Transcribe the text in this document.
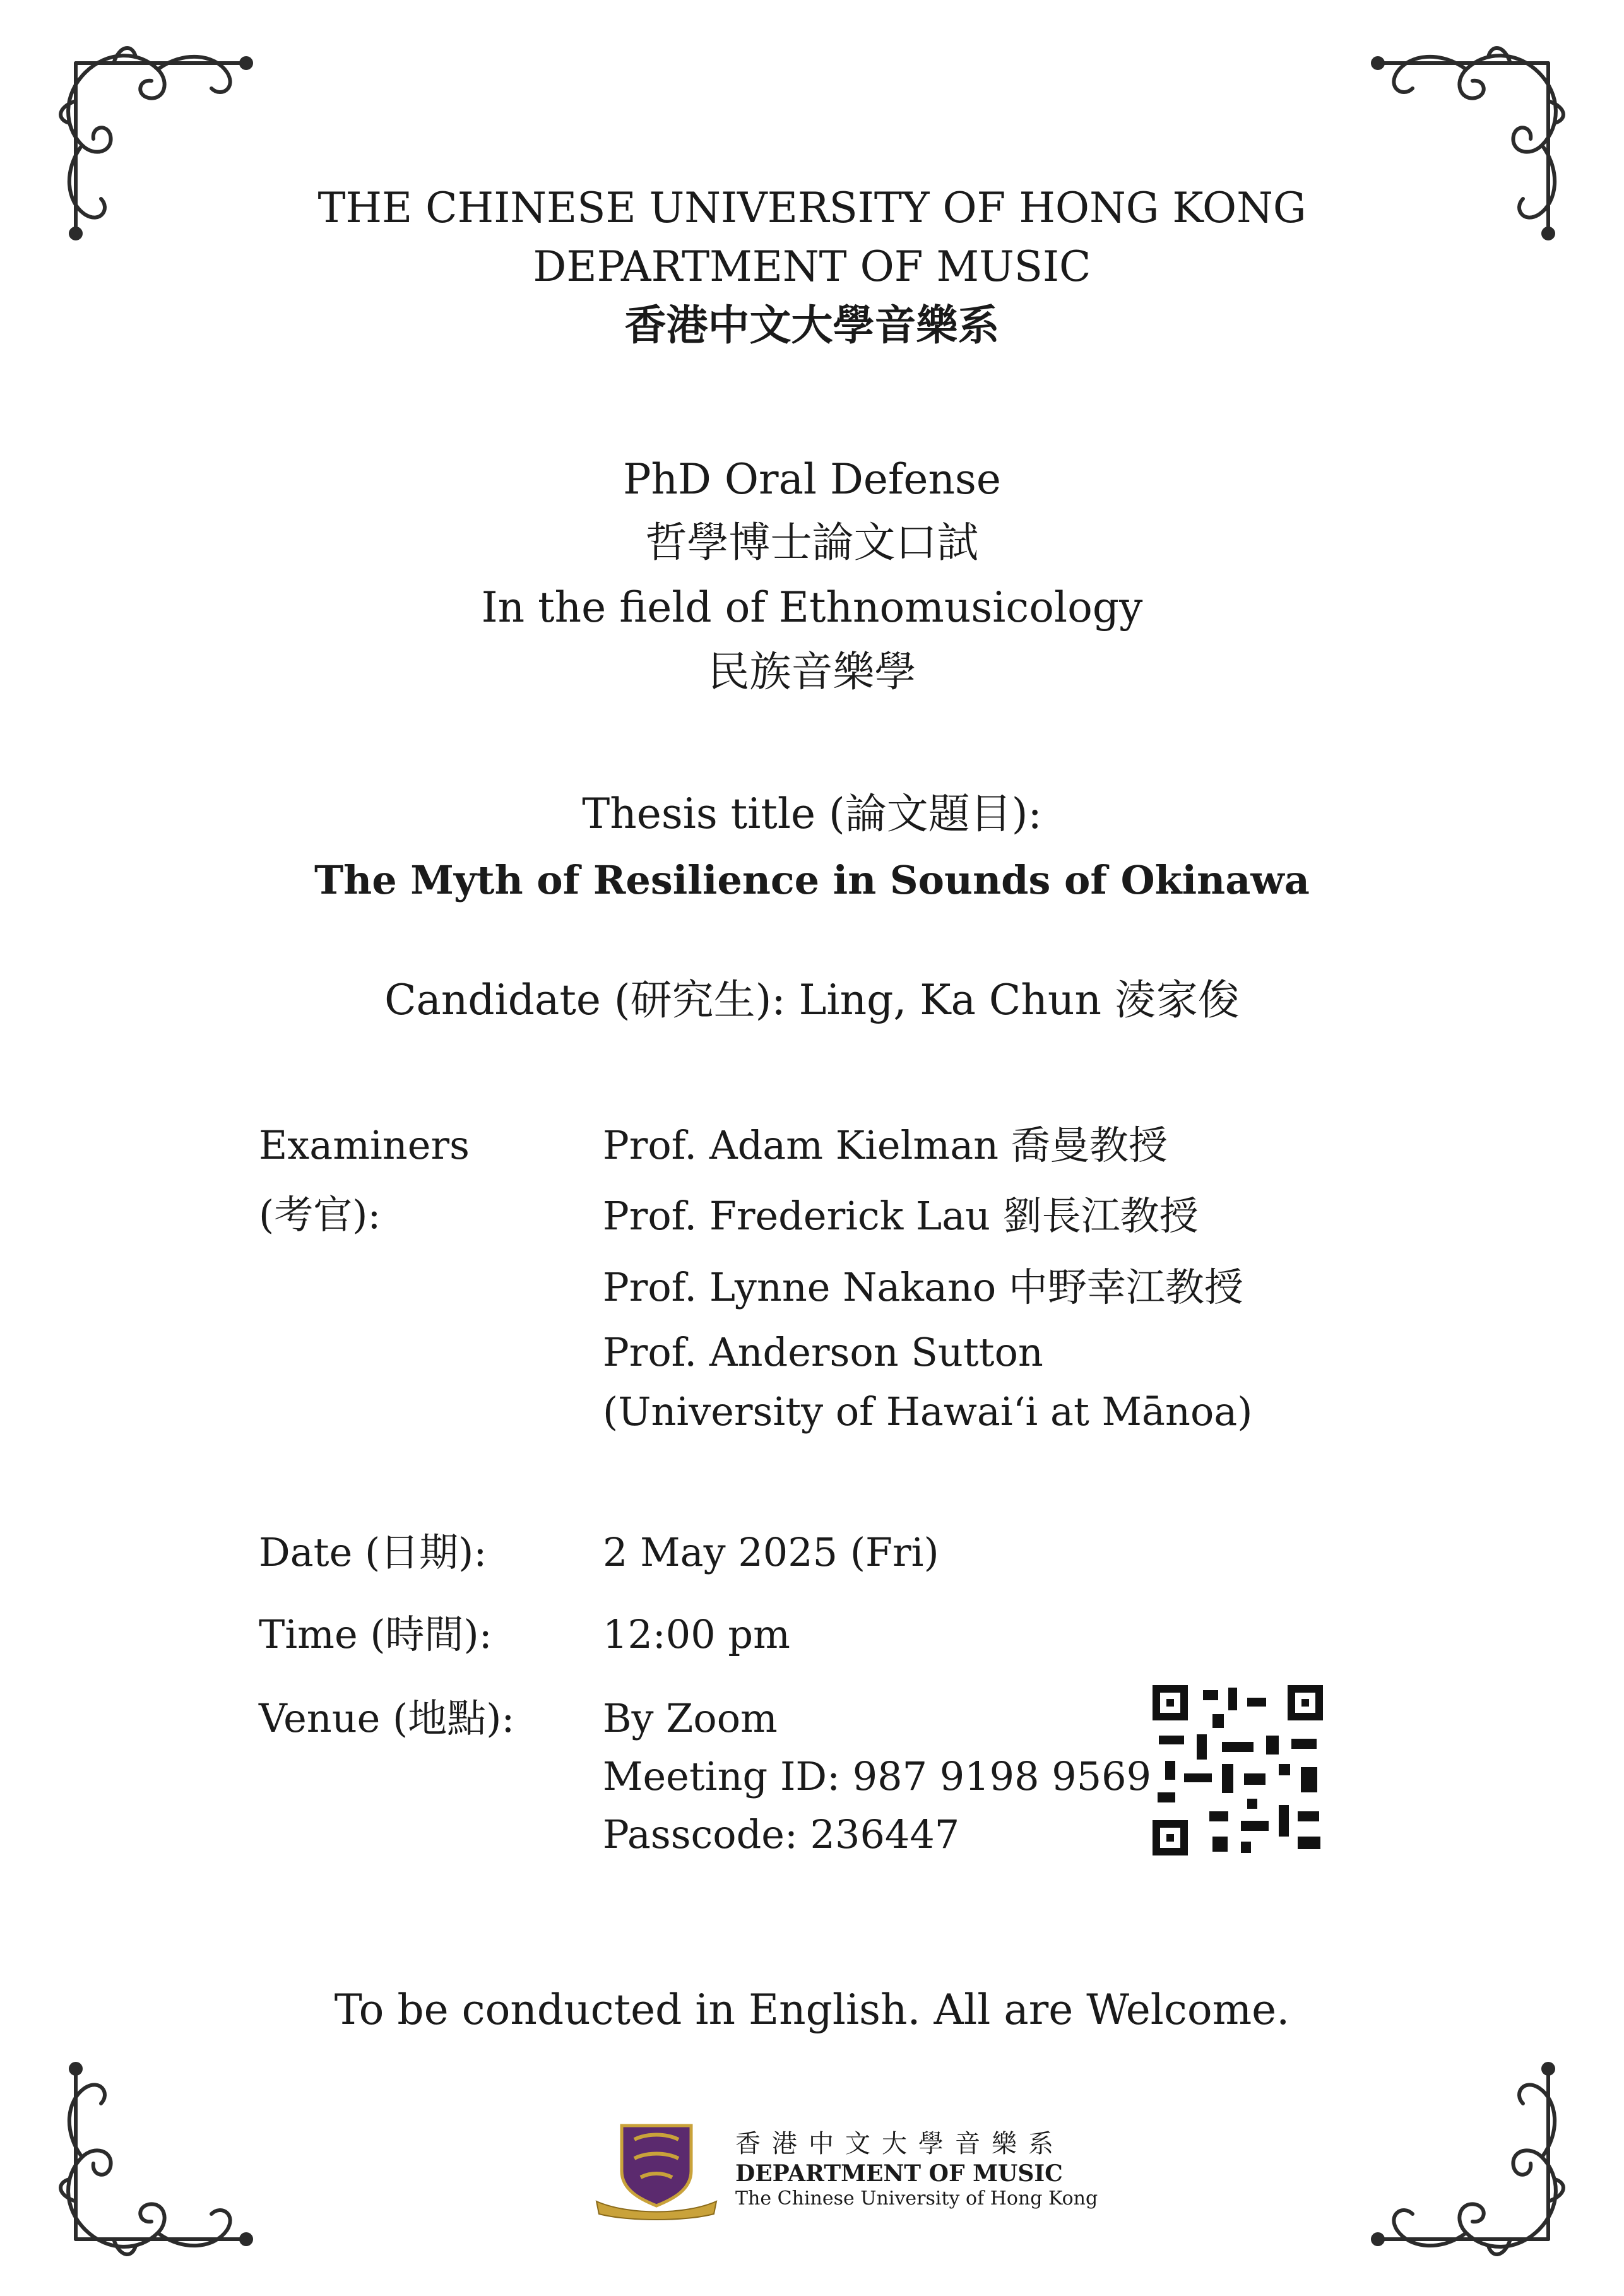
THE CHINESE UNIVERSITY OF HONG KONG
DEPARTMENT OF MUSIC
香港中文大學音樂系
PhD Oral Defense
哲學博士論文口試
In the field of Ethnomusicology
民族音樂學
Thesis title (論文題目):
The Myth of Resilience in Sounds of Okinawa
Candidate (研究生): Ling, Ka Chun 淩家俊
Examiners
(考官):
Prof. Adam Kielman 喬曼教授
Prof. Frederick Lau 劉長江教授
Prof. Lynne Nakano 中野幸江教授
Prof. Anderson Sutton
(University of Hawai‘i at Mānoa)
Date (日期):	2 May 2025 (Fri)
Time (時間):	12:00 pm
Venue (地點): By Zoom
Meeting ID: 987 9198 9569
Passcode: 236447
To be conducted in English. All are Welcome.
香港中文大學音樂系
DEPARTMENT OF MUSIC
The Chinese University of Hong Kong
